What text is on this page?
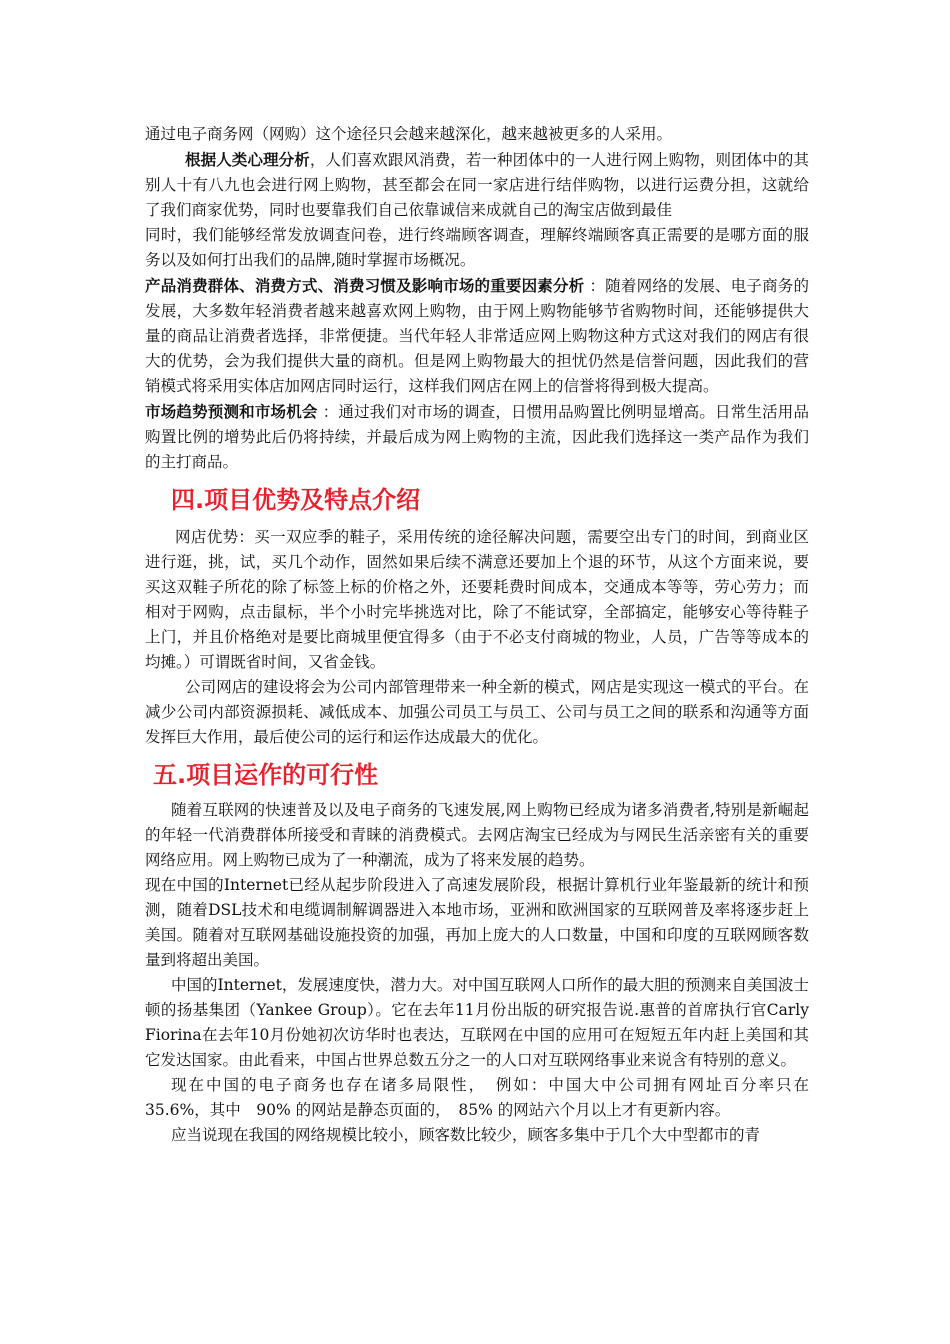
通过电子商务网（网购）这个途径只会越来越深化，越来越被更多的人采用。

根据人类心理分析，人们喜欢跟风消费，若一种团体中的一人进行网上购物，则团体中的其别人十有八九也会进行网上购物，甚至都会在同一家店进行结伴购物，以进行运费分担，这就给了我们商家优势，同时也要靠我们自己依靠诚信来成就自己的淘宝店做到最佳

同时，我们能够经常发放调查问卷，进行终端顾客调查，理解终端顾客真正需要的是哪方面的服务以及如何打出我们的品牌,随时掌握市场概况。

产品消费群体、消费方式、消费习惯及影响市场的重要因素分析 ：随着网络的发展、电子商务的发展，大多数年轻消费者越来越喜欢网上购物，由于网上购物能够节省购物时间，还能够提供大量的商品让消费者选择，非常便捷。当代年轻人非常适应网上购物这种方式这对我们的网店有很大的优势，会为我们提供大量的商机。但是网上购物最大的担忧仍然是信誉问题，因此我们的营销模式将采用实体店加网店同时运行，这样我们网店在网上的信誉将得到极大提高。

市场趋势预测和市场机会 ：通过我们对市场的调查，日惯用品购置比例明显增高。日常生活用品购置比例的增势此后仍将持续，并最后成为网上购物的主流，因此我们选择这一类产品作为我们的主打商品。

四.项目优势及特点介绍

网店优势：买一双应季的鞋子，采用传统的途径解决问题，需要空出专门的时间，到商业区进行逛，挑，试，买几个动作，固然如果后续不满意还要加上个退的环节，从这个方面来说，要买这双鞋子所花的除了标签上标的价格之外，还要耗费时间成本，交通成本等等，劳心劳力；而相对于网购，点击鼠标，半个小时完毕挑选对比，除了不能试穿，全部搞定，能够安心等待鞋子上门，并且价格绝对是要比商城里便宜得多（由于不必支付商城的物业，人员，广告等等成本的均摊。）可谓既省时间，又省金钱。

公司网店的建设将会为公司内部管理带来一种全新的模式，网店是实现这一模式的平台。在减少公司内部资源损耗、减低成本、加强公司员工与员工、公司与员工之间的联系和沟通等方面发挥巨大作用，最后使公司的运行和运作达成最大的优化。

五.项目运作的可行性

随着互联网的快速普及以及电子商务的飞速发展,网上购物已经成为诸多消费者,特别是新崛起的年轻一代消费群体所接受和青睐的消费模式。去网店淘宝已经成为与网民生活亲密有关的重要网络应用。网上购物已成为了一种潮流，成为了将来发展的趋势。

现在中国的Internet已经从起步阶段进入了高速发展阶段，根据计算机行业年鉴最新的统计和预测，随着DSL技术和电缆调制解调器进入本地市场，亚洲和欧洲国家的互联网普及率将逐步赶上美国。随着对互联网基础设施投资的加强，再加上庞大的人口数量，中国和印度的互联网顾客数量到将超出美国。

中国的Internet，发展速度快，潜力大。对中国互联网人口所作的最大胆的预测来自美国波士顿的扬基集团（Yankee Group）。它在去年11月份出版的研究报告说.惠普的首席执行官Carly Fiorina在去年10月份她初次访华时也表达，互联网在中国的应用可在短短五年内赶上美国和其它发达国家。由此看来，中国占世界总数五分之一的人口对互联网络事业来说含有特别的意义。

现在中国的电子商务也存在诸多局限性，　例如：中国大中公司拥有网址百分率只在　35.6%，其中　90% 的网站是静态页面的，　85% 的网站六个月以上才有更新内容。

应当说现在我国的网络规模比较小，顾客数比较少，顾客多集中于几个大中型都市的青
